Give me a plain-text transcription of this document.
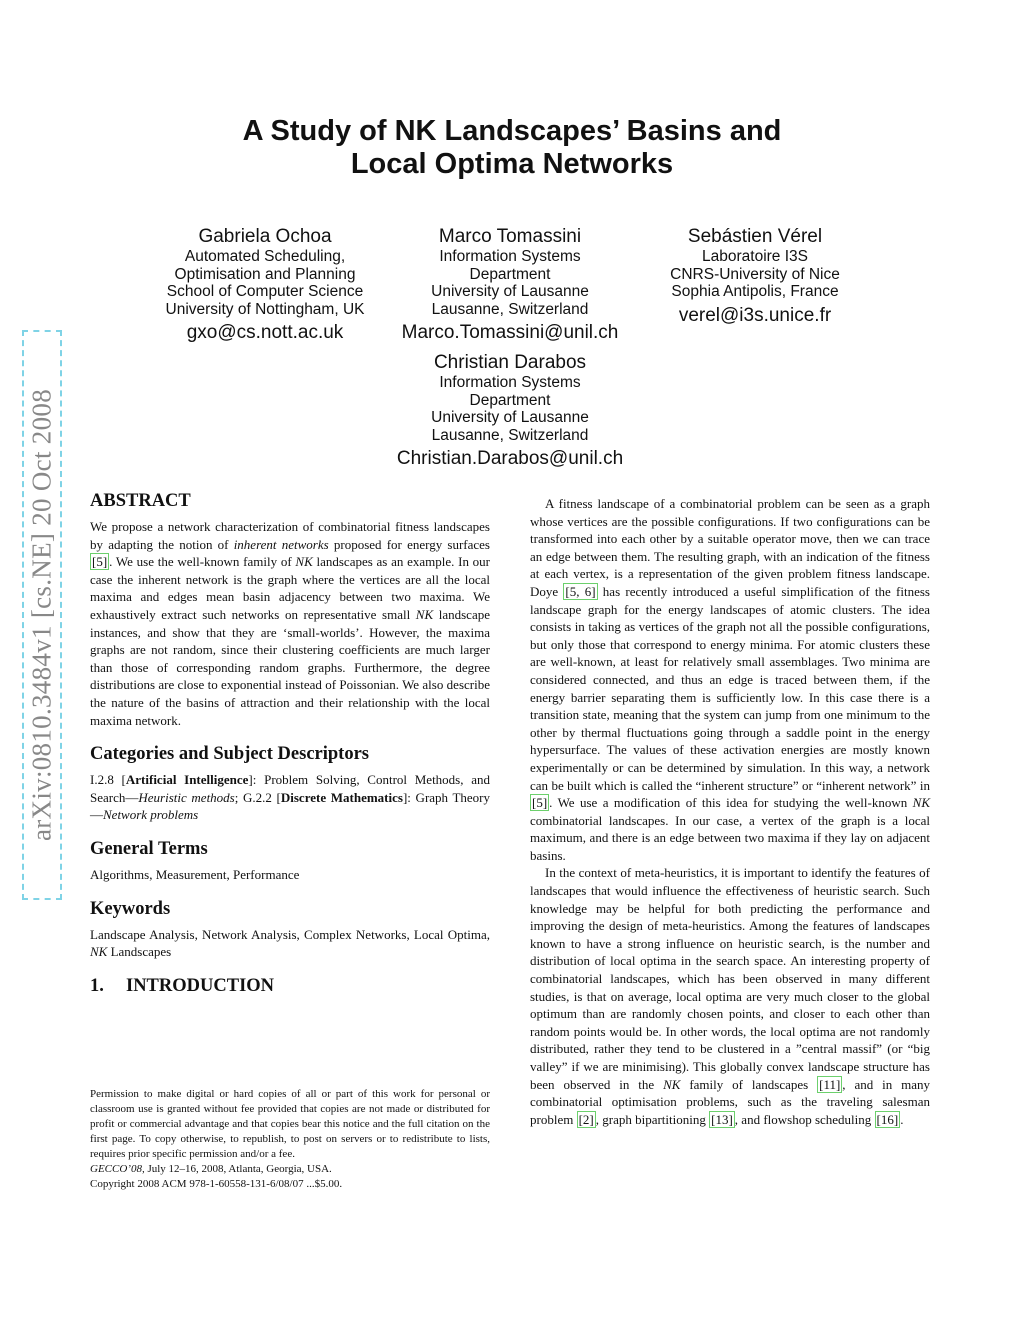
A Study of NK Landscapes’ Basins and
Local Optima Networks
Gabriela Ochoa
Automated Scheduling,
Optimisation and Planning
School of Computer Science
University of Nottingham, UK
gxo@cs.nott.ac.uk
Marco Tomassini
Information Systems
Department
University of Lausanne
Lausanne, Switzerland
Marco.Tomassini@unil.ch
Sebástien Vérel
Laboratoire I3S
CNRS-University of Nice
Sophia Antipolis, France
verel@i3s.unice.fr
Christian Darabos
Information Systems
Department
University of Lausanne
Lausanne, Switzerland
Christian.Darabos@unil.ch
arXiv:0810.3484v1 [cs.NE] 20 Oct 2008 ABSTRACT

We propose a network characterization of combinatorial fitness landscapes by adapting the notion of inherent networks proposed for energy surfaces [5] . We use the well-known family of NK landscapes as an example. In our case the inherent network is the graph where the vertices are all the local maxima and edges mean basin adjacency between two maxima. We exhaustively extract such networks on representative small NK landscape instances, and show that they are ‘small-worlds’. However, the maxima graphs are not random, since their clustering coefficients are much larger than those of corresponding random graphs. Furthermore, the degree distributions are close to exponential instead of Poissonian. We also describe the nature of the basins of attraction and their relationship with the local maxima network.

Categories and Subject Descriptors

I.2.8 [Artificial Intelligence]: Problem Solving, Control Methods, and Search—Heuristic methods; G.2.2 [Discrete Mathematics]: Graph Theory—Network problems

General Terms

Algorithms, Measurement, Performance

Keywords

Landscape Analysis, Network Analysis, Complex Networks, Local Optima, NK Landscapes

1. INTRODUCTION

Permission to make digital or hard copies of all or part of this work for personal or classroom use is granted without fee provided that copies are not made or distributed for profit or commercial advantage and that copies bear this notice and the full citation on the first page. To copy otherwise, to republish, to post on servers or to redistribute to lists, requires prior specific permission and/or a fee.

GECCO’08, July 12–16, 2008, Atlanta, Georgia, USA.

Copyright 2008 ACM 978-1-60558-131-6/08/07 ...$5.00.

A fitness landscape of a combinatorial problem can be seen as a graph whose vertices are the possible configurations. If two configurations can be transformed into each other by a suitable operator move, then we can trace an edge between them. The resulting graph, with an indication of the fitness at each vertex, is a representation of the given problem fitness landscape. Doye [5, 6] has recently introduced a useful simplification of the fitness landscape graph for the energy landscapes of atomic clusters. The idea consists in taking as vertices of the graph not all the possible configurations, but only those that correspond to energy minima. For atomic clusters these are well-known, at least for relatively small assemblages. Two minima are considered connected, and thus an edge is traced between them, if the energy barrier separating them is sufficiently low. In this case there is a transition state, meaning that the system can jump from one minimum to the other by thermal fluctuations going through a saddle point in the energy hypersurface. The values of these activation energies are mostly known experimentally or can be determined by simulation. In this way, a network can be built which is called the “inherent structure” or “inherent network” in [5] . We use a modification of this idea for studying the well-known NK combinatorial landscapes. In our case, a vertex of the graph is a local maximum, and there is an edge between two maxima if they lay on adjacent basins.

In the context of meta-heuristics, it is important to identify the features of landscapes that would influence the effectiveness of heuristic search. Such knowledge may be helpful for both predicting the performance and improving the design of meta-heuristics. Among the features of landscapes known to have a strong influence on heuristic search, is the number and distribution of local optima in the search space. An interesting property of combinatorial landscapes, which has been observed in many different studies, is that on average, local optima are very much closer to the global optimum than are randomly chosen points, and closer to each other than random points would be. In other words, the local optima are not randomly distributed, rather they tend to be clustered in a ”central massif” (or “big valley” if we are minimising). This globally convex landscape structure has been observed in the NK family of landscapes [11] , and in many combinatorial optimisation problems, such as the traveling salesman problem [2] , graph bipartitioning [13] , and flowshop scheduling [16] .
